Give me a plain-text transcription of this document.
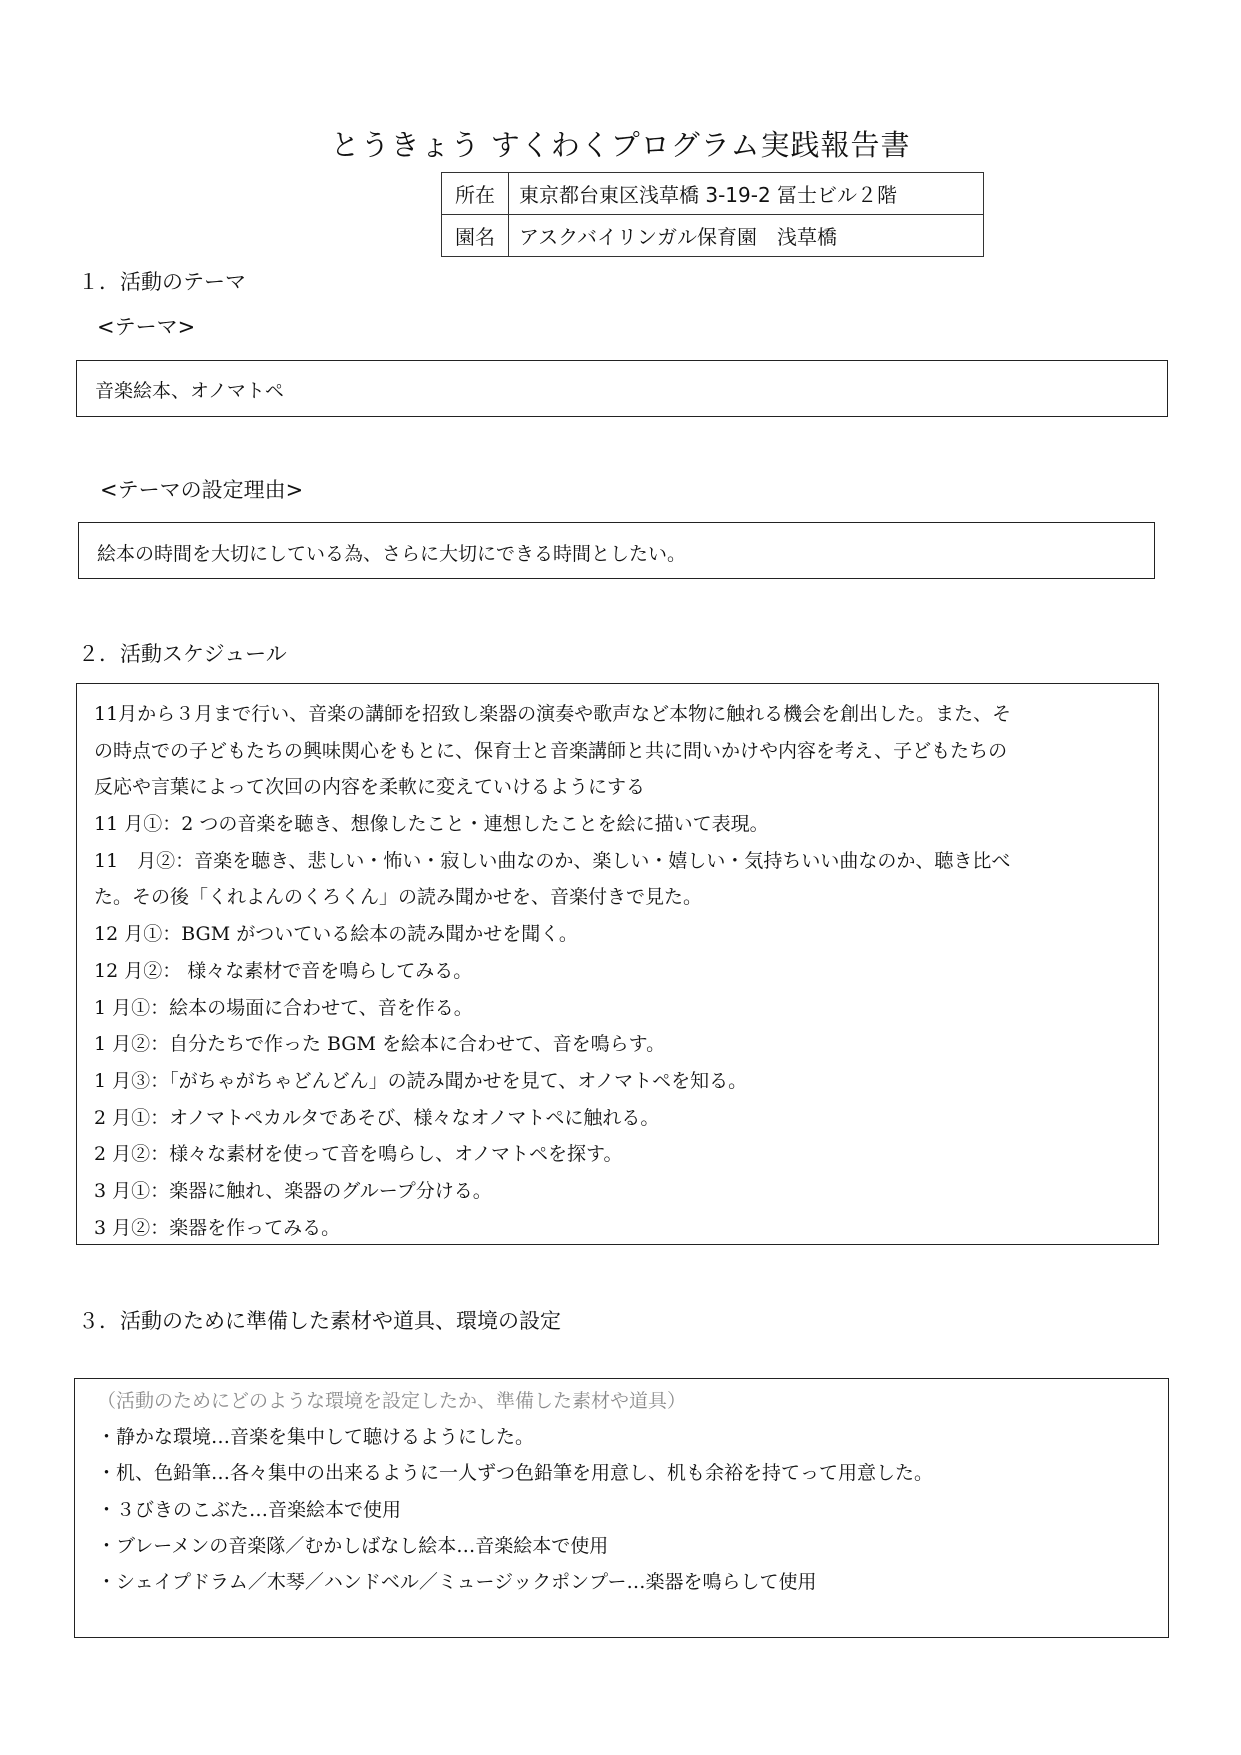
とうきょう すくわくプログラム実践報告書
所在	東京都台東区浅草橋 3-19-2 冨士ビル２階
園名	アスクバイリンガル保育園　浅草橋
１．活動のテーマ
<テーマ>
音楽絵本、オノマトペ
<テーマの設定理由>
絵本の時間を大切にしている為、さらに大切にできる時間としたい。
２．活動スケジュール
11月から３月まで行い、音楽の講師を招致し楽器の演奏や歌声など本物に触れる機会を創出した。また、そ
の時点での子どもたちの興味関心をもとに、保育士と音楽講師と共に問いかけや内容を考え、子どもたちの
反応や言葉によって次回の内容を柔軟に変えていけるようにする
11 月①：2 つの音楽を聴き、想像したこと・連想したことを絵に描いて表現。
11　月②：音楽を聴き、悲しい・怖い・寂しい曲なのか、楽しい・嬉しい・気持ちいい曲なのか、聴き比べ
た。その後「くれよんのくろくん」の読み聞かせを、音楽付きで見た。
12 月①：BGM がついている絵本の読み聞かせを聞く。
12 月②： 様々な素材で音を鳴らしてみる。
1 月①：絵本の場面に合わせて、音を作る。
1 月②：自分たちで作った BGM を絵本に合わせて、音を鳴らす。
1 月③：「がちゃがちゃどんどん」の読み聞かせを見て、オノマトペを知る。
2 月①：オノマトペカルタであそび、様々なオノマトペに触れる。
2 月②：様々な素材を使って音を鳴らし、オノマトペを探す。
3 月①：楽器に触れ、楽器のグループ分ける。
3 月②：楽器を作ってみる。
３．活動のために準備した素材や道具、環境の設定
（活動のためにどのような環境を設定したか、準備した素材や道具）
・静かな環境…音楽を集中して聴けるようにした。
・机、色鉛筆…各々集中の出来るように一人ずつ色鉛筆を用意し、机も余裕を持てって用意した。
・３びきのこぶた…音楽絵本で使用
・ブレーメンの音楽隊／むかしばなし絵本…音楽絵本で使用
・シェイプドラム／木琴／ハンドベル／ミュージックポンプー…楽器を鳴らして使用
